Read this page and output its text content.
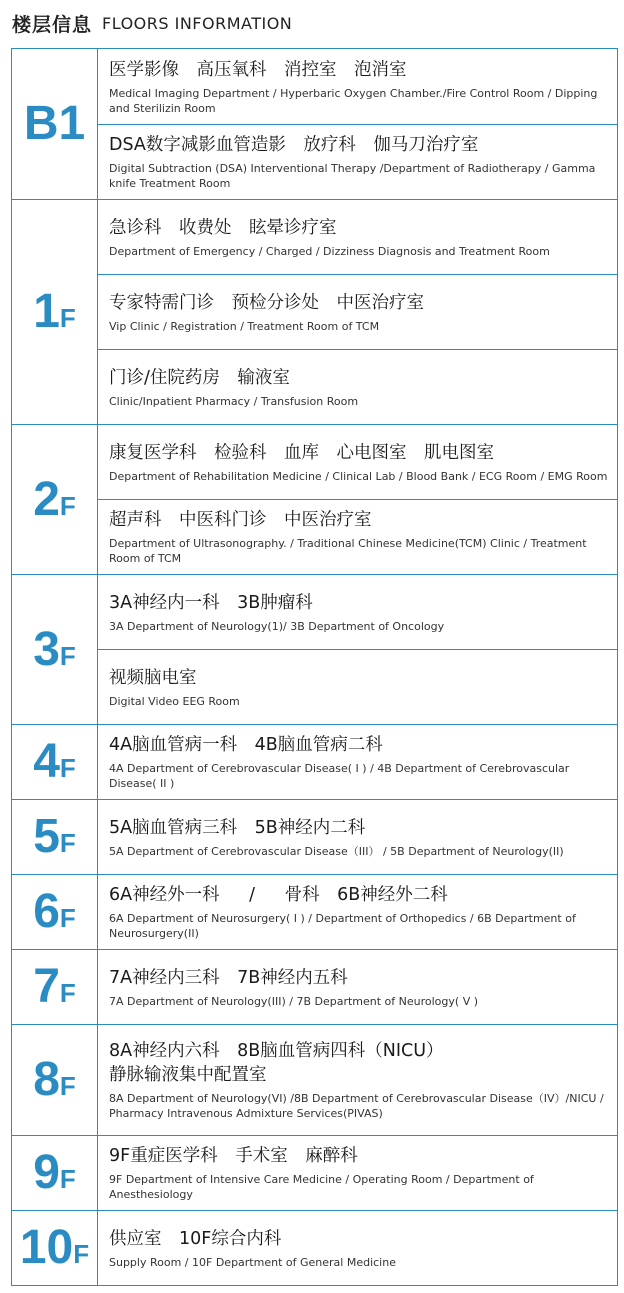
楼层信息 FLOORS INFORMATION
B1	医学影像　高压氧科　消控室　泡消室
Medical Imaging Department / Hyperbaric Oxygen Chamber./Fire Control Room / Dipping and Sterilizin Room

	DSA数字减影血管造影　放疗科　伽马刀治疗室
Digital Subtraction (DSA) Interventional Therapy /Department of Radiotherapy / Gamma knife Treatment Room

1F	急诊科　收费处　眩晕诊疗室
Department of Emergency / Charged / Dizziness Diagnosis and Treatment Room

	专家特需门诊　预检分诊处　中医治疗室
Vip Clinic / Registration / Treatment Room of TCM

	门诊/住院药房　输液室
Clinic/Inpatient Pharmacy / Transfusion Room

2F	康复医学科　检验科　血库　心电图室　肌电图室
Department of Rehabilitation Medicine / Clinical Lab / Blood Bank / ECG Room / EMG Room

	超声科　中医科门诊　中医治疗室
Department of Ultrasonography. / Traditional Chinese Medicine(TCM) Clinic / Treatment Room of TCM

3F	3A神经内一科　3B肿瘤科
3A Department of Neurology(1)/ 3B Department of Oncology

	视频脑电室
Digital Video EEG Room

4F	4A脑血管病一科　4B脑血管病二科
4A Department of Cerebrovascular Disease( I ) / 4B Department of Cerebrovascular Disease( II )

5F	5A脑血管病三科　5B神经内二科
5A Department of Cerebrovascular Disease（III） / 5B Department of Neurology(II)

6F	6A神经外一科 / 骨科　6B神经外二科
6A Department of Neurosurgery( I ) / Department of Orthopedics / 6B Department of Neurosurgery(II)

7F	7A神经内三科　7B神经内五科
7A Department of Neurology(III) / 7B Department of Neurology( V )

8F	8A神经内六科　8B脑血管病四科（NICU）
静脉输液集中配置室
8A Department of Neurology(VI) /8B Department of Cerebrovascular Disease（IV）/NICU / Pharmacy Intravenous Admixture Services(PIVAS)

9F	9F重症医学科　手术室　麻醉科
9F Department of Intensive Care Medicine / Operating Room / Department of Anesthesiology

10F	供应室　10F综合内科
Supply Room / 10F Department of General Medicine
